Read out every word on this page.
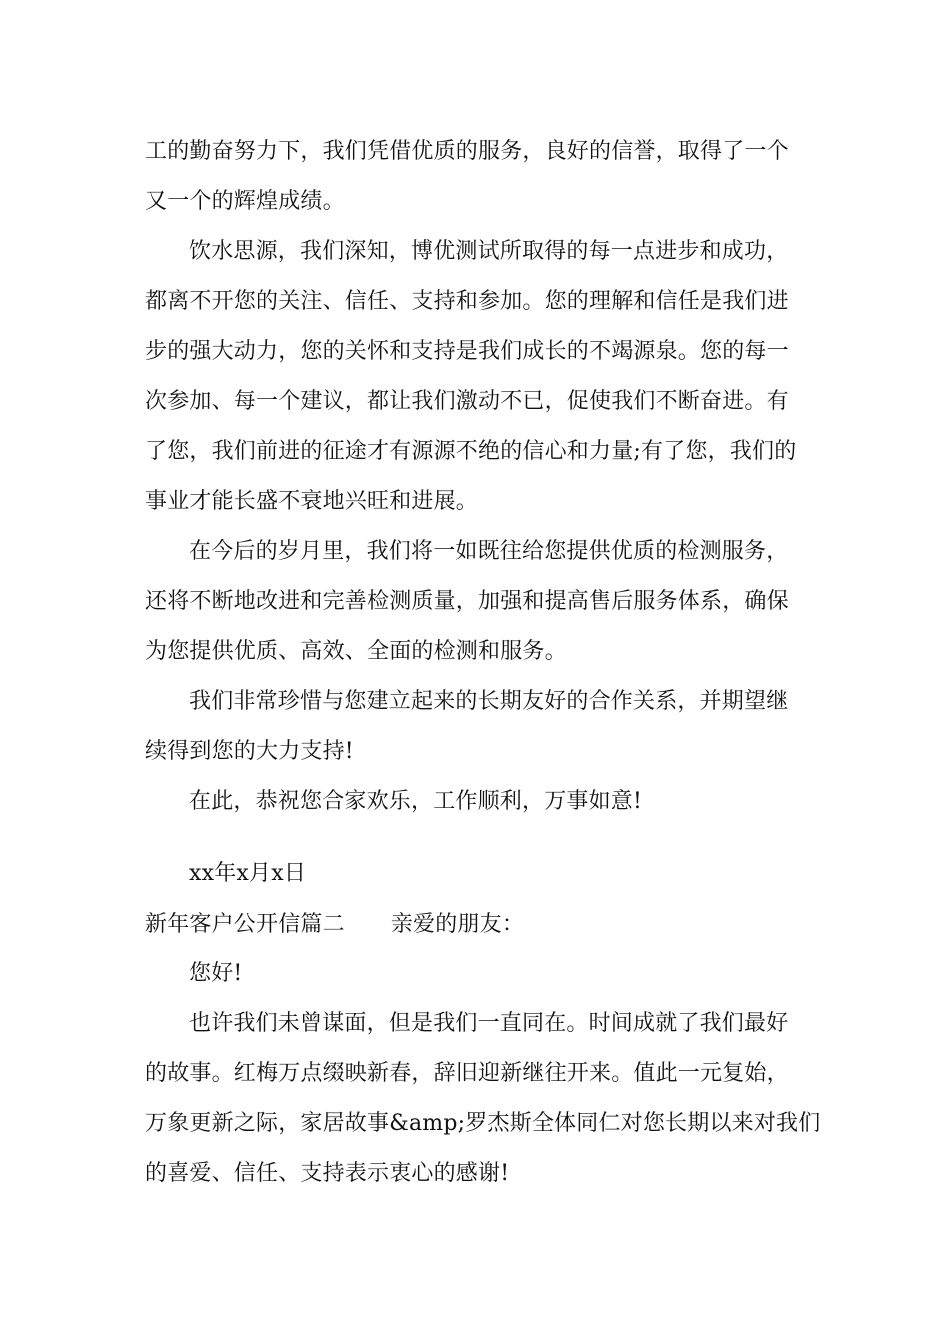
工的勤奋努力下，我们凭借优质的服务，良好的信誉，取得了一个
又一个的辉煌成绩。
饮水思源，我们深知，博优测试所取得的每一点进步和成功，
都离不开您的关注、信任、支持和参加。您的理解和信任是我们进
步的强大动力，您的关怀和支持是我们成长的不竭源泉。您的每一
次参加、每一个建议，都让我们激动不已，促使我们不断奋进。有
了您，我们前进的征途才有源源不绝的信心和力量;有了您，我们的
事业才能长盛不衰地兴旺和进展。
在今后的岁月里，我们将一如既往给您提供优质的检测服务，
还将不断地改进和完善检测质量，加强和提高售后服务体系，确保
为您提供优质、高效、全面的检测和服务。
我们非常珍惜与您建立起来的长期友好的合作关系，并期望继
续得到您的大力支持!
在此，恭祝您合家欢乐，工作顺利，万事如意!
xx年x月x日
新年客户公开信篇二 亲爱的朋友：
您好!
也许我们未曾谋面，但是我们一直同在。时间成就了我们最好
的故事。红梅万点缀映新春，辞旧迎新继往开来。值此一元复始，
万象更新之际，家居故事&amp;罗杰斯全体同仁对您长期以来对我们
的喜爱、信任、支持表示衷心的感谢!
